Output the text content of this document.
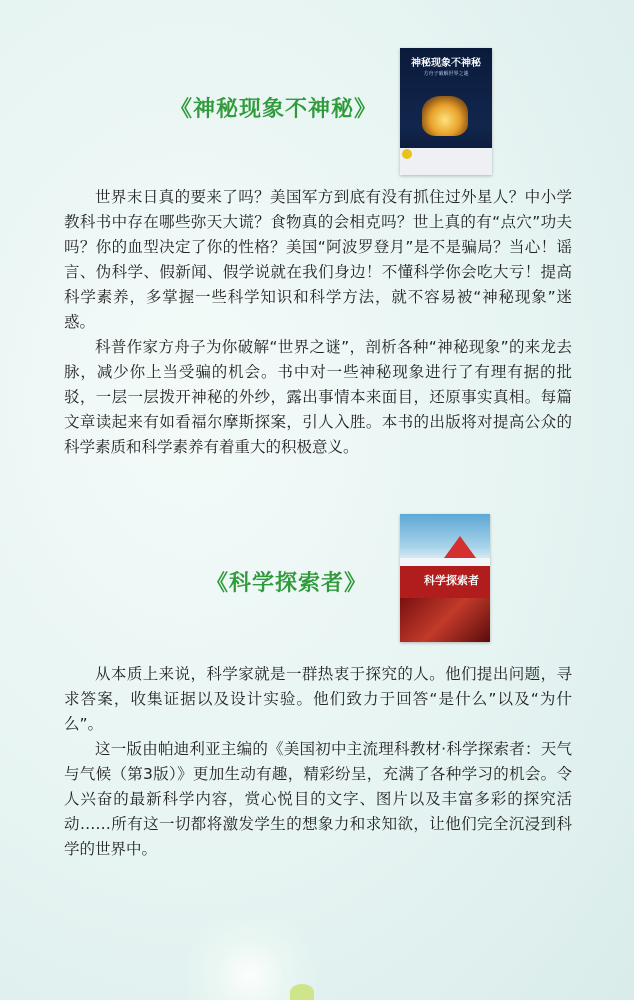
《神秘现象不神秘》
神秘现象不神秘
方舟子破解世界之谜

世界末日真的要来了吗？美国军方到底有没有抓住过外星人？中小学教科书中存在哪些弥天大谎？食物真的会相克吗？世上真的有“点穴”功夫吗？你的血型决定了你的性格？美国“阿波罗登月”是不是骗局？当心！谣言、伪科学、假新闻、假学说就在我们身边！不懂科学你会吃大亏！提高科学素养，多掌握一些科学知识和科学方法，就不容易被“神秘现象”迷惑。

科普作家方舟子为你破解“世界之谜”，剖析各种“神秘现象”的来龙去脉，减少你上当受骗的机会。书中对一些神秘现象进行了有理有据的批驳，一层一层拨开神秘的外纱，露出事情本来面目，还原事实真相。每篇文章读起来有如看福尔摩斯探案，引人入胜。本书的出版将对提高公众的科学素质和科学素养有着重大的积极意义。

《科学探索者》	科学探索者

从本质上来说，科学家就是一群热衷于探究的人。他们提出问题，寻求答案，收集证据以及设计实验。他们致力于回答“是什么”以及“为什么”。

这一版由帕迪利亚主编的《美国初中主流理科教材·科学探索者：天气与气候（第3版）》更加生动有趣，精彩纷呈，充满了各种学习的机会。令人兴奋的最新科学内容，赏心悦目的文字、图片以及丰富多彩的探究活动……所有这一切都将激发学生的想象力和求知欲，让他们完全沉浸到科学的世界中。
